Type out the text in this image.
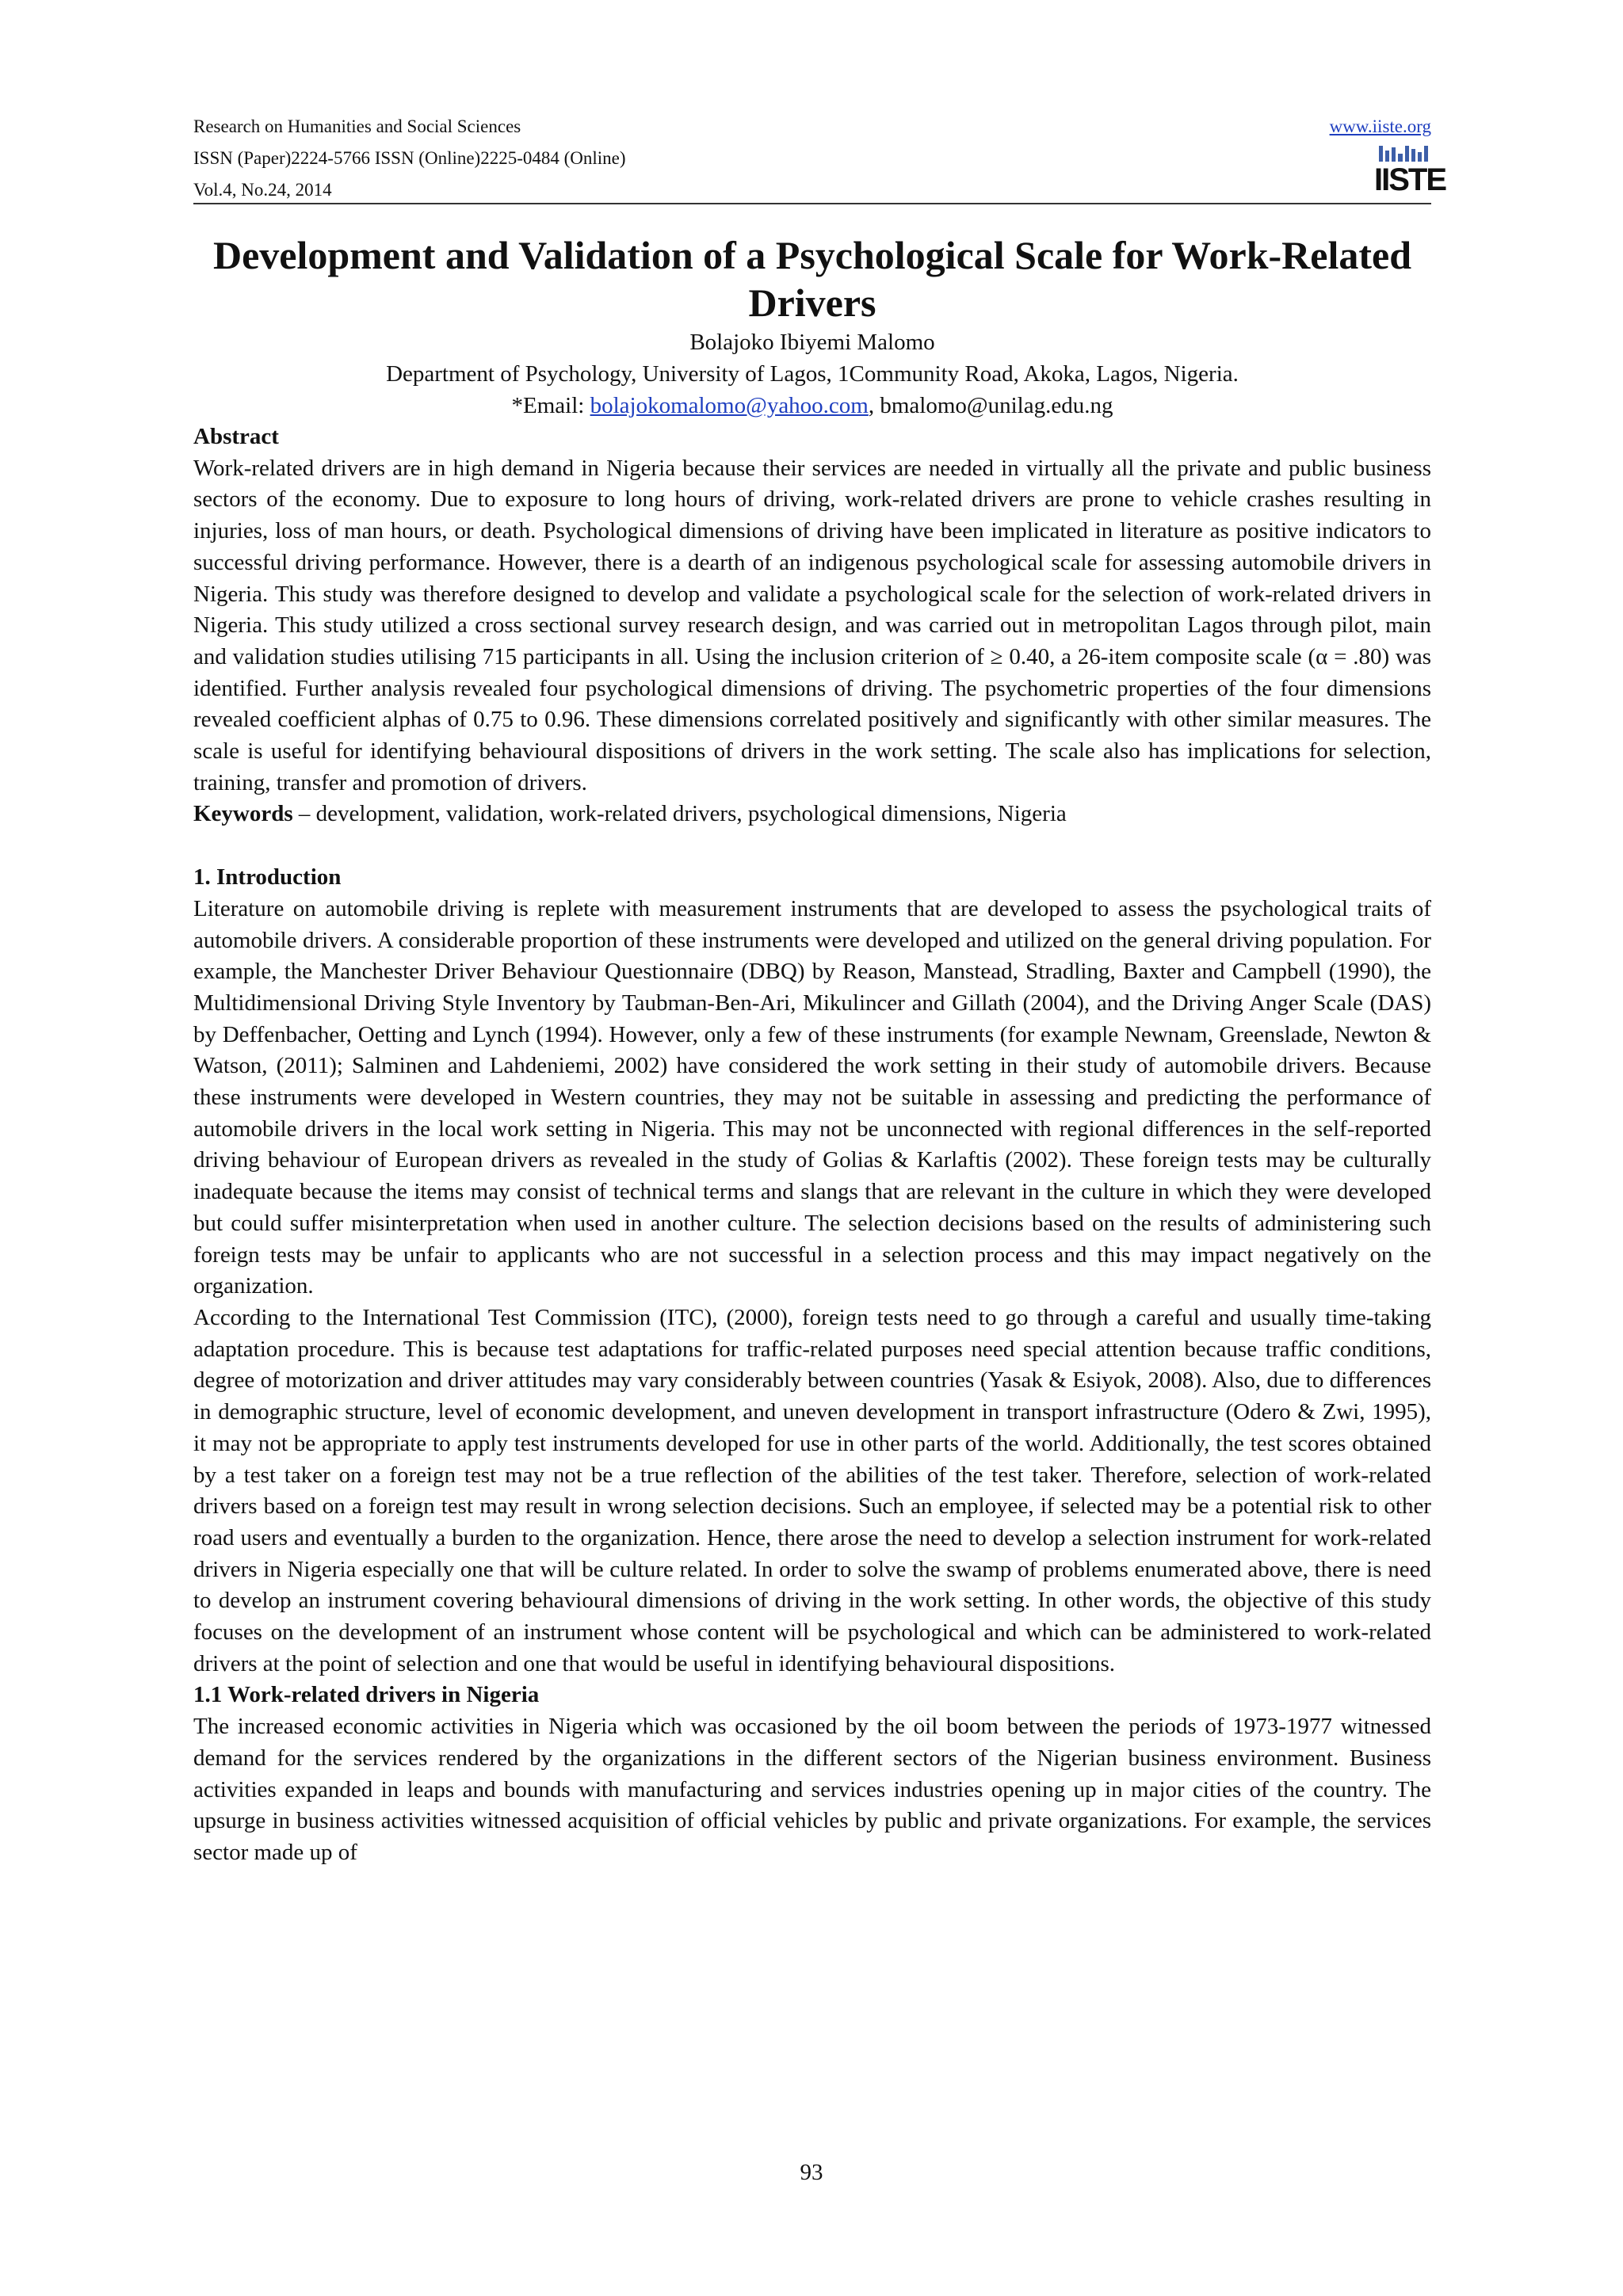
Research on Humanities and Social Sciences
ISSN (Paper)2224-5766 ISSN (Online)2225-0484 (Online)
Vol.4, No.24, 2014
www.iiste.org
IISTE
Development and Validation of a Psychological Scale for Work-Related Drivers
Bolajoko Ibiyemi Malomo
Department of Psychology, University of Lagos, 1Community Road, Akoka, Lagos, Nigeria.
*Email: bolajokomalomo@yahoo.com, bmalomo@unilag.edu.ng
Abstract

Work-related drivers are in high demand in Nigeria because their services are needed in virtually all the private and public business sectors of the economy. Due to exposure to long hours of driving, work-related drivers are prone to vehicle crashes resulting in injuries, loss of man hours, or death. Psychological dimensions of driving have been implicated in literature as positive indicators to successful driving performance. However, there is a dearth of an indigenous psychological scale for assessing automobile drivers in Nigeria. This study was therefore designed to develop and validate a psychological scale for the selection of work-related drivers in Nigeria. This study utilized a cross sectional survey research design, and was carried out in metropolitan Lagos through pilot, main and validation studies utilising 715 participants in all. Using the inclusion criterion of ≥ 0.40, a 26-item composite scale (α = .80) was identified. Further analysis revealed four psychological dimensions of driving. The psychometric properties of the four dimensions revealed coefficient alphas of 0.75 to 0.96. These dimensions correlated positively and significantly with other similar measures. The scale is useful for identifying behavioural dispositions of drivers in the work setting. The scale also has implications for selection, training, transfer and promotion of drivers.

Keywords – development, validation, work-related drivers, psychological dimensions, Nigeria

1. Introduction

Literature on automobile driving is replete with measurement instruments that are developed to assess the psychological traits of automobile drivers. A considerable proportion of these instruments were developed and utilized on the general driving population. For example, the Manchester Driver Behaviour Questionnaire (DBQ) by Reason, Manstead, Stradling, Baxter and Campbell (1990), the Multidimensional Driving Style Inventory by Taubman-Ben-Ari, Mikulincer and Gillath (2004), and the Driving Anger Scale (DAS) by Deffenbacher, Oetting and Lynch (1994). However, only a few of these instruments (for example Newnam, Greenslade, Newton & Watson, (2011); Salminen and Lahdeniemi, 2002) have considered the work setting in their study of automobile drivers. Because these instruments were developed in Western countries, they may not be suitable in assessing and predicting the performance of automobile drivers in the local work setting in Nigeria. This may not be unconnected with regional differences in the self-reported driving behaviour of European drivers as revealed in the study of Golias & Karlaftis (2002). These foreign tests may be culturally inadequate because the items may consist of technical terms and slangs that are relevant in the culture in which they were developed but could suffer misinterpretation when used in another culture. The selection decisions based on the results of administering such foreign tests may be unfair to applicants who are not successful in a selection process and this may impact negatively on the organization.

According to the International Test Commission (ITC), (2000), foreign tests need to go through a careful and usually time-taking adaptation procedure. This is because test adaptations for traffic-related purposes need special attention because traffic conditions, degree of motorization and driver attitudes may vary considerably between countries (Yasak & Esiyok, 2008). Also, due to differences in demographic structure, level of economic development, and uneven development in transport infrastructure (Odero & Zwi, 1995), it may not be appropriate to apply test instruments developed for use in other parts of the world. Additionally, the test scores obtained by a test taker on a foreign test may not be a true reflection of the abilities of the test taker. Therefore, selection of work-related drivers based on a foreign test may result in wrong selection decisions. Such an employee, if selected may be a potential risk to other road users and eventually a burden to the organization. Hence, there arose the need to develop a selection instrument for work-related drivers in Nigeria especially one that will be culture related. In order to solve the swamp of problems enumerated above, there is need to develop an instrument covering behavioural dimensions of driving in the work setting. In other words, the objective of this study focuses on the development of an instrument whose content will be psychological and which can be administered to work-related drivers at the point of selection and one that would be useful in identifying behavioural dispositions.

1.1 Work-related drivers in Nigeria

The increased economic activities in Nigeria which was occasioned by the oil boom between the periods of 1973-1977 witnessed demand for the services rendered by the organizations in the different sectors of the Nigerian business environment. Business activities expanded in leaps and bounds with manufacturing and services industries opening up in major cities of the country. The upsurge in business activities witnessed acquisition of official vehicles by public and private organizations. For example, the services sector made up of

93
